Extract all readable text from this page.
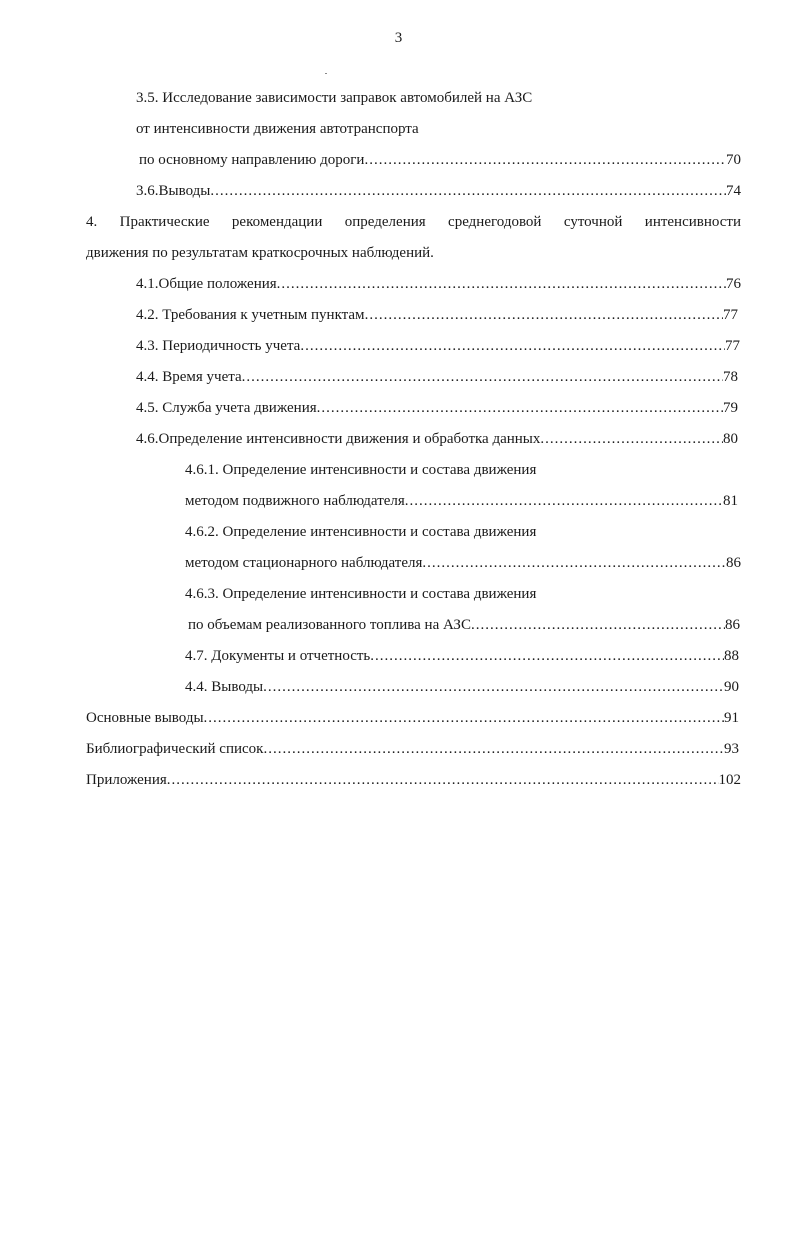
3
3.5. Исследование зависимости заправок автомобилей на АЗС
от интенсивности движения автотранспорта
по основному направлению дороги .....	70
3.6.Выводы .....	74
4. Практические рекомендации определения среднегодовой суточной интенсивности
движения по результатам краткосрочных наблюдений.
4.1.Общие положения .....	76
4.2. Требования к учетным пунктам .....	77
4.3. Периодичность учета .....	77
4.4. Время учета .....	78
4.5. Служба учета движения .....	79
4.6.Определение интенсивности движения и обработка данных .....	80
4.6.1. Определение интенсивности и состава движения
методом подвижного наблюдателя .....	81
4.6.2. Определение интенсивности и состава движения
методом стационарного наблюдателя .....	86
4.6.3. Определение интенсивности и состава движения
по объемам реализованного топлива на АЗС .....	86
4.7. Документы и отчетность .....	88
4.4. Выводы .....	90
Основные выводы .....	91
Библиографический список .....	93
Приложения .....	102
